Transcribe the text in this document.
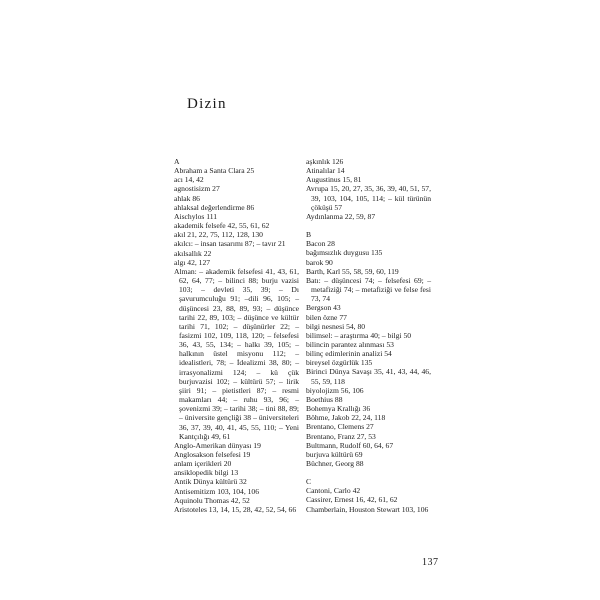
Dizin
A
Abraham a Santa Clara 25
acı 14, 42
agnostisizm 27
ahlak 86
ahlaksal değerlendirme 86
Aischylos 111
akademik felsefe 42, 55, 61, 62
akıl 21, 22, 75, 112, 128, 130
akılcı: – insan tasarımı 87; – tavır 21
akılsallık 22
algı 42, 127
Alman: – akademik felsefesi 41, 43, 61, 62, 64, 77; – bilinci 88; burju vazisi 103; – devleti 35, 39; – Dı şavurumculuğu 91; –dili 96, 105; – düşüncesi 23, 88, 89, 93; – düşünce tarihi 22, 89, 103; – düşünce ve kültür tarihi 71, 102; – düşünürler 22; – fasizmi 102, 109, 118, 120; – felsefesi 36, 43, 55, 134; – halkı 39, 105; – halkının üstel misyonu 112; – idealistleri, 78; – İdealizmi 38, 80; – irrasyonalizmi 124; – kü çük burjuvazisi 102; – kültürü 57; – lirik şiiri 91; – pietistleri 87; – resmi makamları 44; – ruhu 93, 96; – şovenizmi 39; – tarihi 38; – tini 88, 89; – üniversite gençliği 38 – üniversiteleri 36, 37, 39, 40, 41, 45, 55, 110; – Yeni Kantçılığı 49, 61
Anglo-Amerikan dünyası 19
Anglosakson felsefesi 19
anlam içerikleri 20
ansiklopedik bilgi 13
Antik Dünya kültürü 32
Antisemitizm 103, 104, 106
Aquinolu Thomas 42, 52
Aristoteles 13, 14, 15, 28, 42, 52, 54, 66
aşkınlık 126
Atinalılar 14
Augustinus 15, 81
Avrupa 15, 20, 27, 35, 36, 39, 40, 51, 57, 39, 103, 104, 105, 114; – kül türünün çöküşü 57
Aydınlanma 22, 59, 87
B
Bacon 28
bağımsızlık duygusu 135
barok 90
Barth, Karl 55, 58, 59, 60, 119
Batı: – düşüncesi 74; – felsefesi 69; – metafiziği 74; – metafiziği ve felse fesi 73, 74
Bergson 43
bilen özne 77
bilgi nesnesi 54, 80
bilimsel: – araştırma 40; – bilgi 50
bilincin parantez alınması 53
bilinç edimlerinin analizi 54
bireysel özgürlük 135
Birinci Dünya Savaşı 35, 41, 43, 44, 46, 55, 59, 118
biyolojizm 56, 106
Boethius 88
Bohemya Krallığı 36
Böhme, Jakob 22, 24, 118
Brentano, Clemens 27
Brentano, Franz 27, 53
Bultmann, Rudolf 60, 64, 67
burjuva kültürü 69
Büchner, Georg 88
C
Cantoni, Carlo 42
Cassirer, Ernest 16, 42, 61, 62
Chamberlain, Houston Stewart 103, 106
137
